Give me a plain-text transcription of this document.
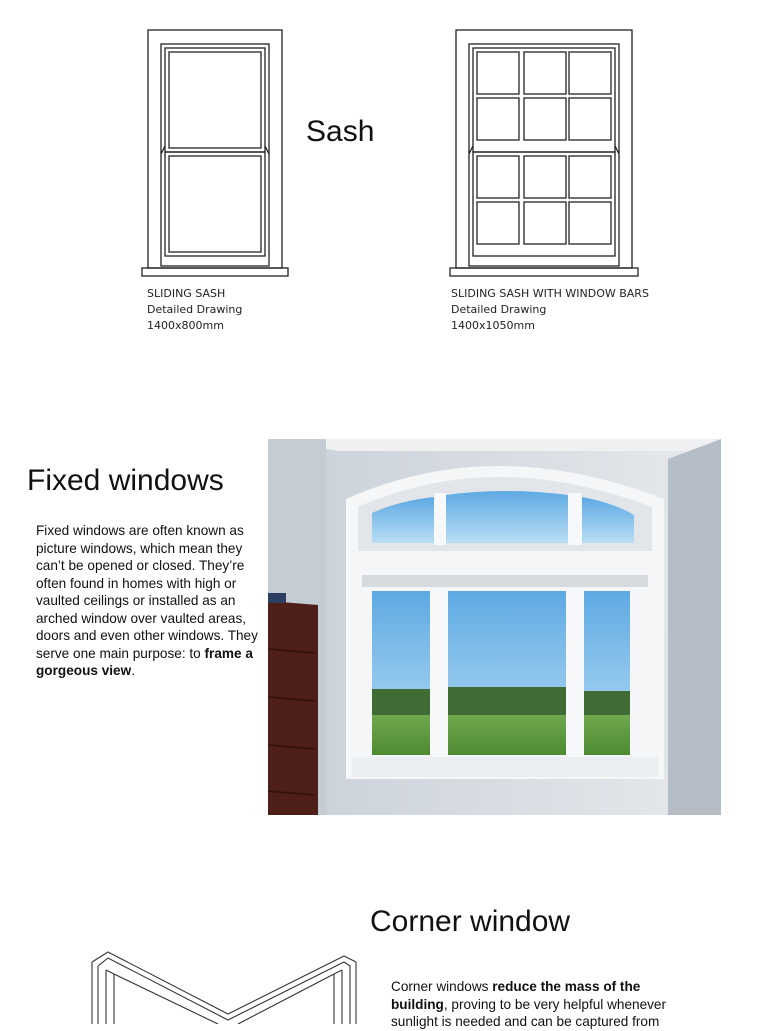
SLIDING SASH
Detailed Drawing
1400x800mm
Sash
SLIDING SASH WITH WINDOW BARS
Detailed Drawing
1400x1050mm
Fixed windows

Fixed windows are often known as picture windows, which mean they can’t be opened or closed. They’re often found in homes with high or vaulted ceilings or installed as an arched window over vaulted areas, doors and even other windows. They serve one main purpose: to frame a gorgeous view.

Corner window

Corner windows reduce the mass of the building, proving to be very helpful whenever sunlight is needed and can be captured from
